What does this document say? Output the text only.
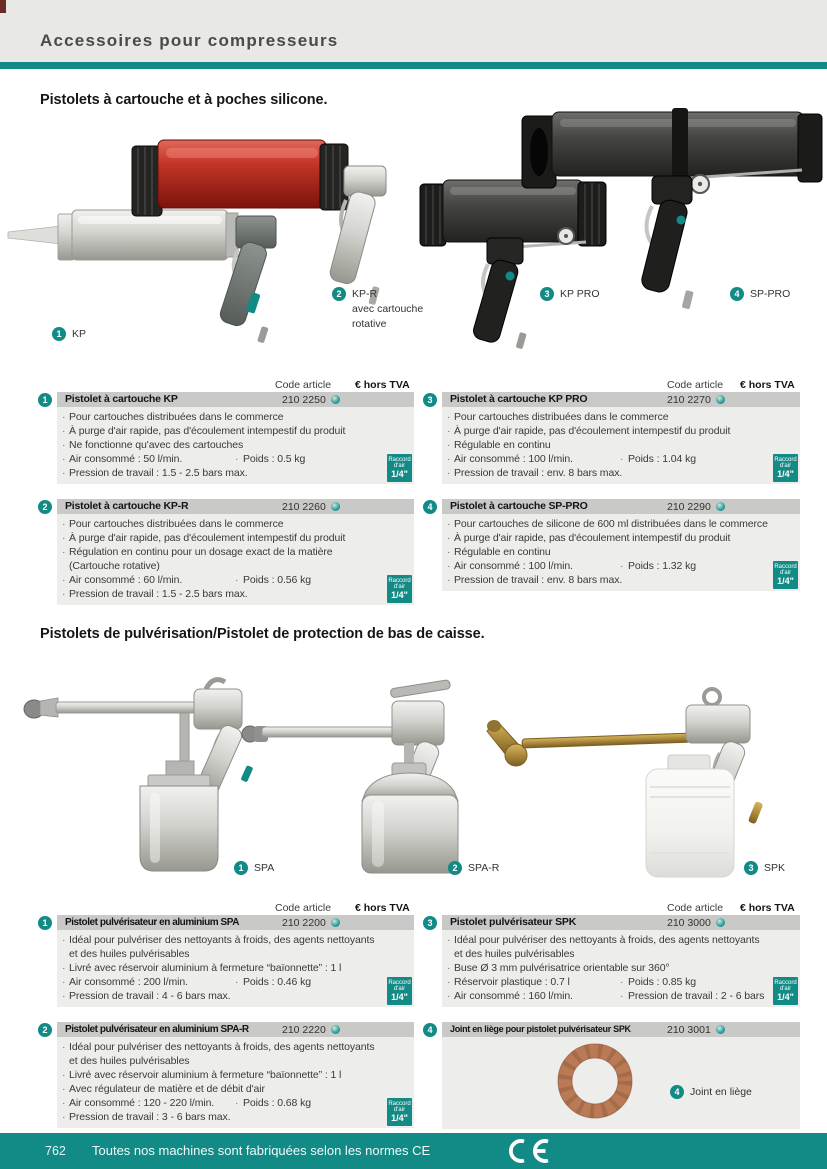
Accessoires pour compresseurs
Pistolets à cartouche et à poches silicone.
1	KP
2	KP-R
avec cartouche
rotative
3	KP PRO	4	SP-PRO
Code article € hors TVA	Code article € hors TVA
1	Pistolet à cartouche KP	210 2250
· Pour cartouches distribuées dans le commerce
· À purge d'air rapide, pas d'écoulement intempestif du produit
· Ne fonctionne qu'avec des cartouches
· Air consommé : 50 l/min.	· Poids : 0.5 kg
· Pression de travail : 1.5 - 2.5 bars max.
Raccord
d'air
1/4"
2	Pistolet à cartouche KP-R	210 2260
· Pour cartouches distribuées dans le commerce
· À purge d'air rapide, pas d'écoulement intempestif du produit
· Régulation en continu pour un dosage exact de la matière
(Cartouche rotative)
· Air consommé : 60 l/min.	· Poids : 0.56 kg
· Pression de travail : 1.5 - 2.5 bars max.
Raccord
d'air
1/4"
3	Pistolet à cartouche KP PRO	210 2270
· Pour cartouches distribuées dans le commerce
· À purge d'air rapide, pas d'écoulement intempestif du produit
· Régulable en continu
· Air consommé : 100 l/min.	· Poids : 1.04 kg
· Pression de travail : env. 8 bars max.
Raccord
d'air
1/4"
4	Pistolet à cartouche SP-PRO	210 2290
· Pour cartouches de silicone de 600 ml distribuées dans le commerce
· À purge d'air rapide, pas d'écoulement intempestif du produit
· Régulable en continu
· Air consommé : 100 l/min.	· Poids : 1.32 kg
· Pression de travail : env. 8 bars max.
Raccord
d'air
1/4"
Pistolets de pulvérisation/Pistolet de protection de bas de caisse.
1	SPA	2	SPA-R	3	SPK
Code article € hors TVA	Code article € hors TVA
1	Pistolet pulvérisateur en aluminium SPA	210 2200
· Idéal pour pulvériser des nettoyants à froids, des agents nettoyants
et des huiles pulvérisables
· Livré avec réservoir aluminium à fermeture “baïonnette” : 1 l
· Air consommé : 200 l/min.	· Poids : 0.46 kg
· Pression de travail : 4 - 6 bars max.
Raccord
d'air
1/4"
2	Pistolet pulvérisateur en aluminium SPA-R	210 2220
· Idéal pour pulvériser des nettoyants à froids, des agents nettoyants
et des huiles pulvérisables
· Livré avec réservoir aluminium à fermeture “baïonnette” : 1 l
· Avec régulateur de matière et de débit d'air
· Air consommé : 120 - 220 l/min. · Poids : 0.68 kg
· Pression de travail : 3 - 6 bars max.
Raccord
d'air
1/4"
3	Pistolet pulvérisateur SPK	210 3000
· Idéal pour pulvériser des nettoyants à froids, des agents nettoyants
et des huiles pulvérisables
· Buse Ø 3 mm pulvérisatrice orientable sur 360°
· Réservoir plastique : 0.7 l	· Poids : 0.85 kg
· Air consommé : 160 l/min.	· Pression de travail : 2 - 6 bars
Raccord
d'air
1/4"
4	Joint en liège pour pistolet pulvérisateur SPK	210 3001
4	Joint en liège
762 Toutes nos machines sont fabriquées selon les normes CE
